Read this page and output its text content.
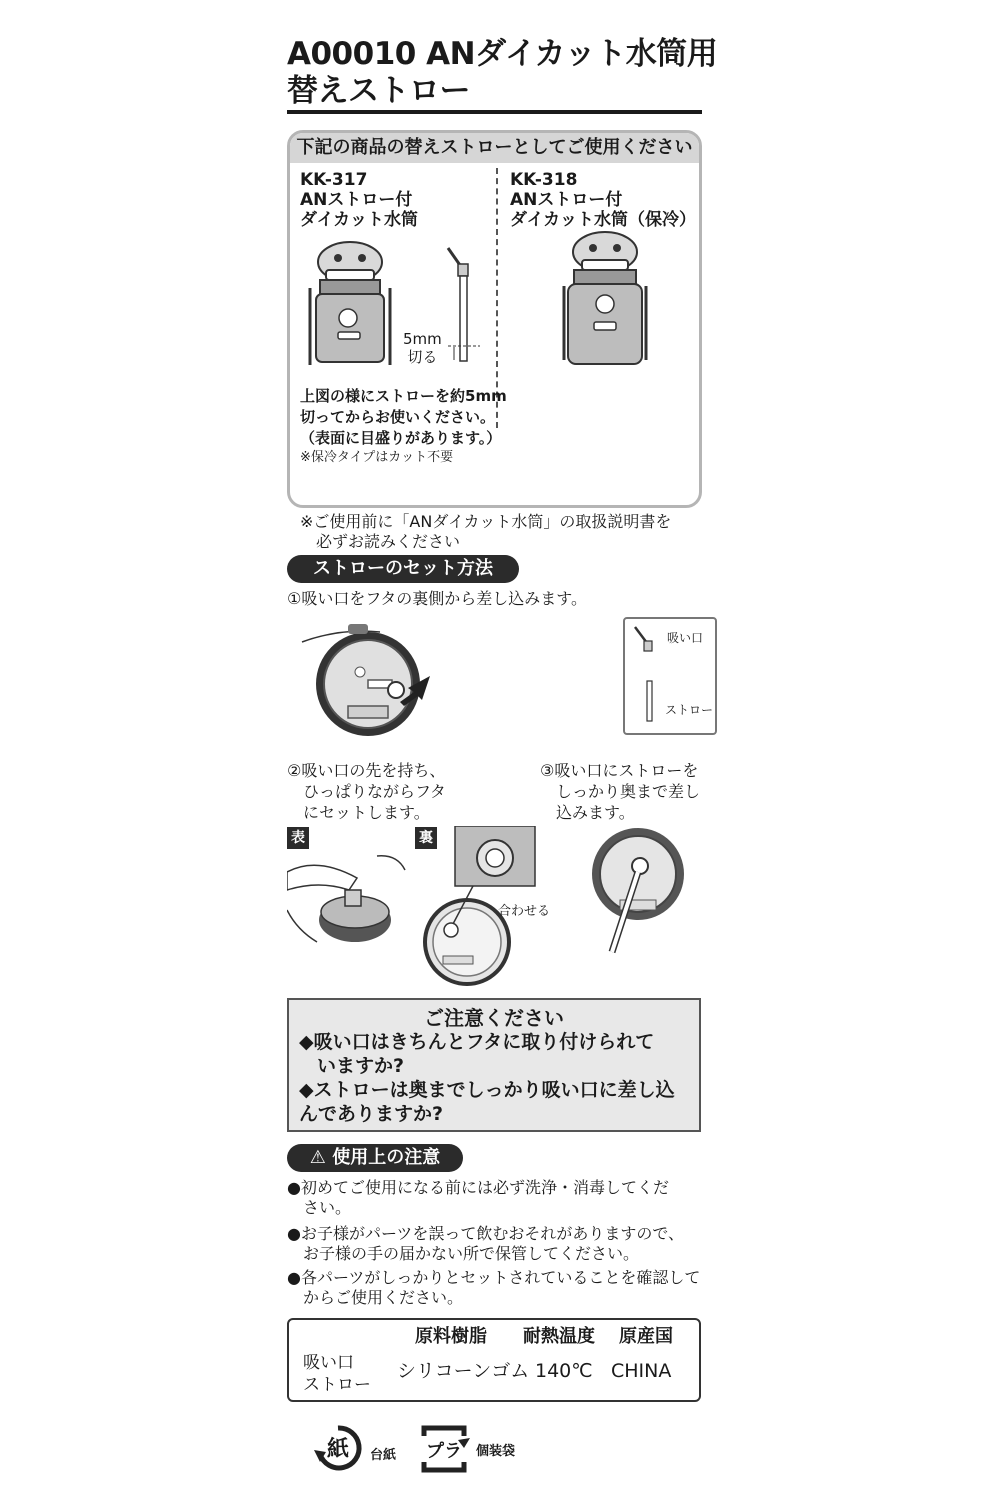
A00010 ANダイカット水筒用
替えストロー
下記の商品の替えストローとしてご使用ください
KK-317
ANストロー付
ダイカット水筒
KK-318
ANストロー付
ダイカット水筒（保冷）
5mm
切る
上図の様にストローを約5mm
切ってからお使いください。
（表面に目盛りがあります。）
※保冷タイプはカット不要
※ご使用前に「ANダイカット水筒」の取扱説明書を
必ずお読みください
ストローのセット方法
①吸い口をフタの裏側から差し込みます。
吸い口
ストロー
②吸い口の先を持ち、
ひっぱりながらフタ
にセットします。
③吸い口にストローを
しっかり奥まで差し
込みます。
表	裏
合わせる
ご注意ください
◆吸い口はきちんとフタに取り付けられて
いますか?
◆ストローは奥までしっかり吸い口に差し込
んでありますか?
⚠ 使用上の注意
●初めてご使用になる前には必ず洗浄・消毒してくだ
さい。
●お子様がパーツを誤って飲むおそれがありますので、
お子様の手の届かない所で保管してください。
●各パーツがしっかりとセットされていることを確認して
からご使用ください。
原料樹脂 耐熱温度 原産国
吸い口
ストロー
シリコーンゴム 140℃ CHINA
紙 台紙 プラ 個装袋
